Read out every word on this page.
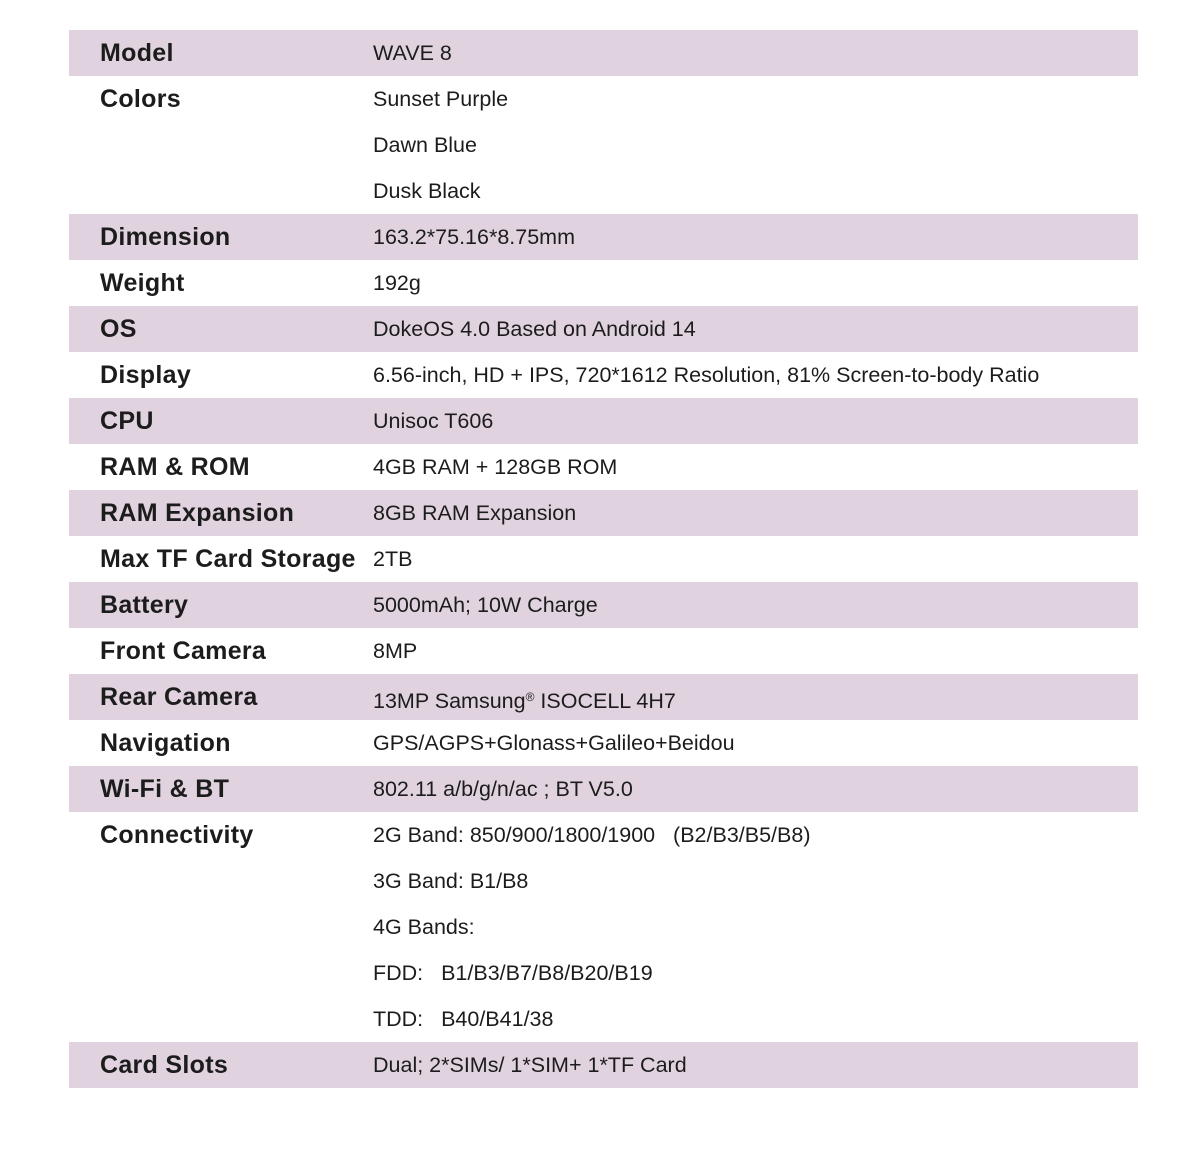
Model	WAVE 8
Colors	Sunset Purple
Dawn Blue
Dusk Black
Dimension	163.2*75.16*8.75mm
Weight	192g
OS	DokeOS 4.0 Based on Android 14
Display	6.56-inch, HD + IPS, 720*1612 Resolution, 81% Screen-to-body Ratio
CPU	Unisoc T606
RAM & ROM	4GB RAM + 128GB ROM
RAM Expansion	8GB RAM Expansion
Max TF Card Storage 2TB
Battery	5000mAh; 10W Charge
Front Camera	8MP
Rear Camera	13MP Samsung® ISOCELL 4H7
Navigation	GPS/AGPS+Glonass+Galileo+Beidou
Wi-Fi & BT	802.11 a/b/g/n/ac ; BT V5.0
Connectivity	2G Band: 850/900/1800/1900   (B2/B3/B5/B8)
3G Band: B1/B8
4G Bands:
FDD:   B1/B3/B7/B8/B20/B19
TDD:   B40/B41/38
Card Slots	Dual; 2*SIMs/ 1*SIM+ 1*TF Card
